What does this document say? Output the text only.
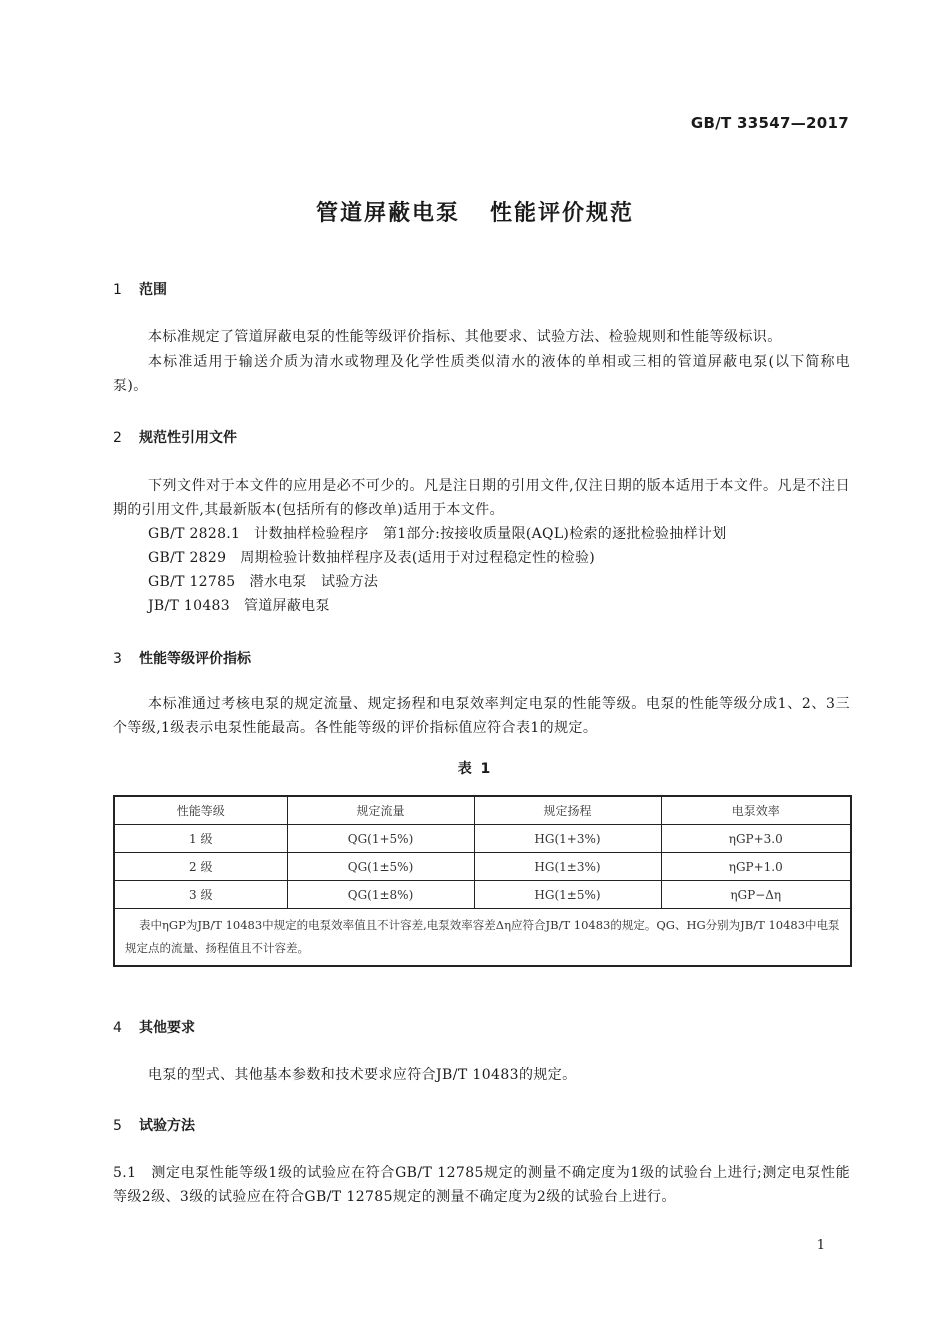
GB/T 33547—2017
管道屏蔽电泵 性能评价规范
1 范围
本标准规定了管道屏蔽电泵的性能等级评价指标、其他要求、试验方法、检验规则和性能等级标识。
本标准适用于输送介质为清水或物理及化学性质类似清水的液体的单相或三相的管道屏蔽电泵(以下简称电泵)。
2 规范性引用文件
下列文件对于本文件的应用是必不可少的。凡是注日期的引用文件,仅注日期的版本适用于本文件。凡是不注日期的引用文件,其最新版本(包括所有的修改单)适用于本文件。
GB/T 2828.1 计数抽样检验程序　第1部分:按接收质量限(AQL)检索的逐批检验抽样计划
GB/T 2829 周期检验计数抽样程序及表(适用于对过程稳定性的检验)
GB/T 12785 潜水电泵　试验方法
JB/T 10483 管道屏蔽电泵
3 性能等级评价指标
本标准通过考核电泵的规定流量、规定扬程和电泵效率判定电泵的性能等级。电泵的性能等级分成1、2、3三个等级,1级表示电泵性能最高。各性能等级的评价指标值应符合表1的规定。
表 1
性能等级	规定流量	规定扬程	电泵效率
1 级	QG(1+5%)	HG(1+3%)	ηGP+3.0
2 级	QG(1±5%)	HG(1±3%)	ηGP+1.0
3 级	QG(1±8%)	HG(1±5%)	ηGP−Δη
表中ηGP为JB/T 10483中规定的电泵效率值且不计容差,电泵效率容差Δη应符合JB/T 10483的规定。QG、HG分别为JB/T 10483中电泵规定点的流量、扬程值且不计容差。			
4 其他要求
电泵的型式、其他基本参数和技术要求应符合JB/T 10483的规定。
5 试验方法
5.1　测定电泵性能等级1级的试验应在符合GB/T 12785规定的测量不确定度为1级的试验台上进行;测定电泵性能等级2级、3级的试验应在符合GB/T 12785规定的测量不确定度为2级的试验台上进行。
1
